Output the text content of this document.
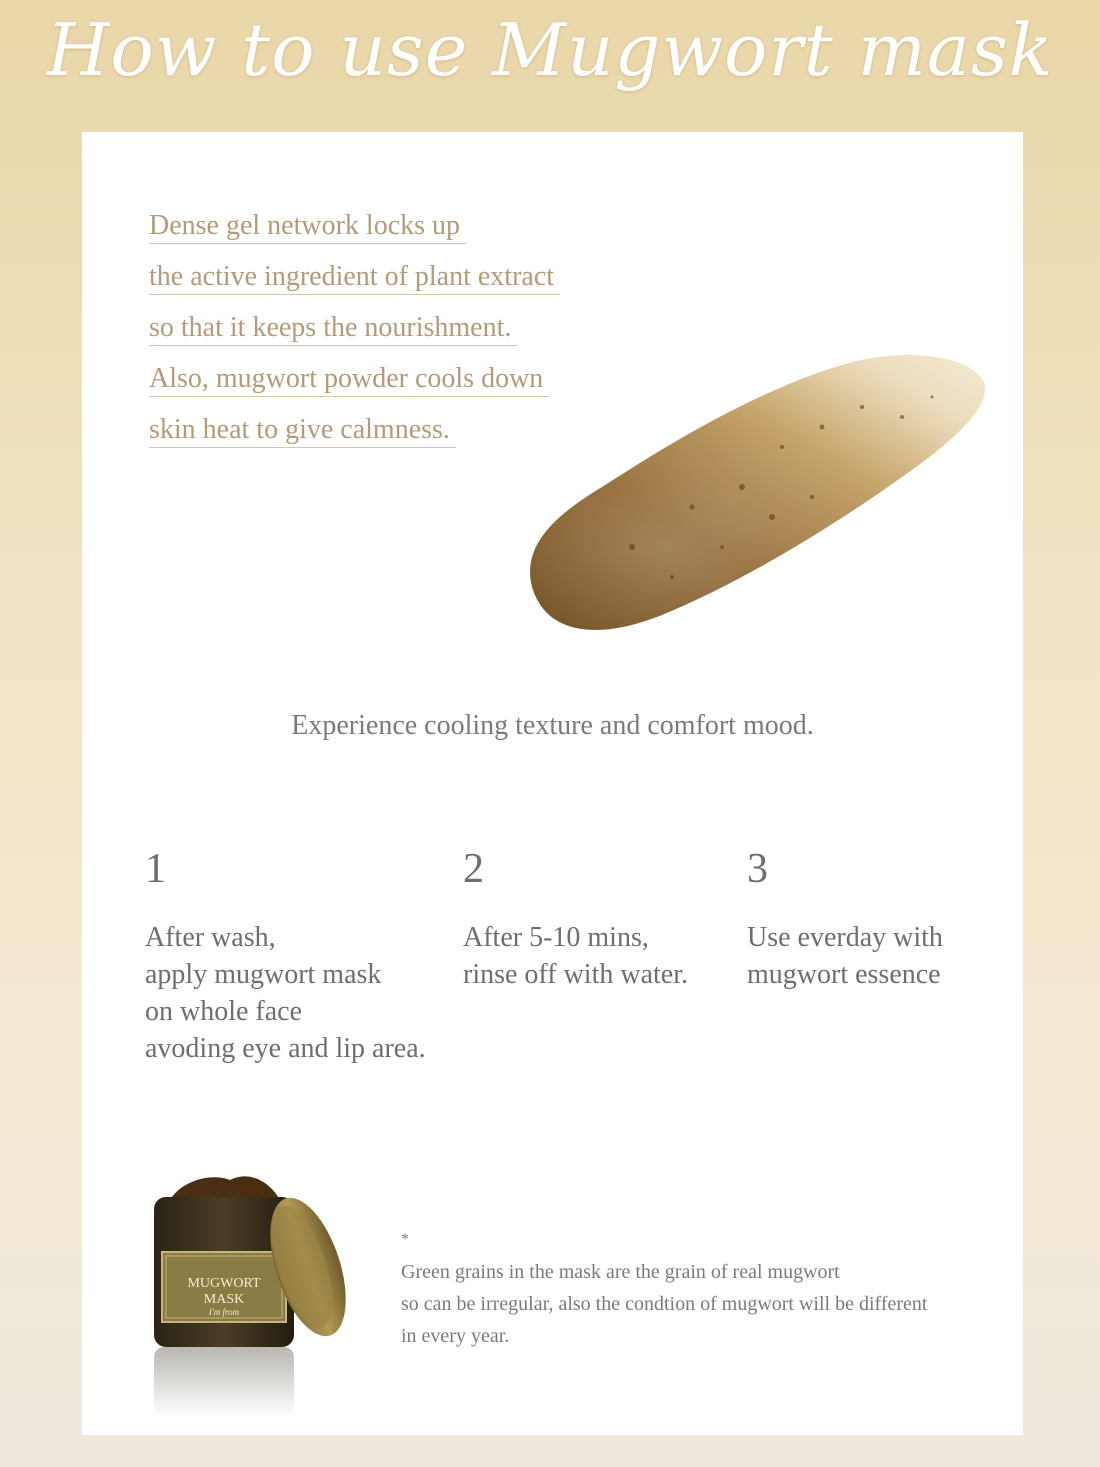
How to use Mugwort mask
Dense gel network locks up
the active ingredient of plant extract
so that it keeps the nourishment.
Also, mugwort powder cools down
skin heat to give calmness.
Experience cooling texture and comfort mood.
1
After wash,
apply mugwort mask
on whole face
avoding eye and lip area.
2
After 5-10 mins,
rinse off with water.
3
Use everday with
mugwort essence
MUGWORT
MASK
I'm from
*
Green grains in the mask are the grain of real mugwort
so can be irregular, also the condtion of mugwort will be different
in every year.
